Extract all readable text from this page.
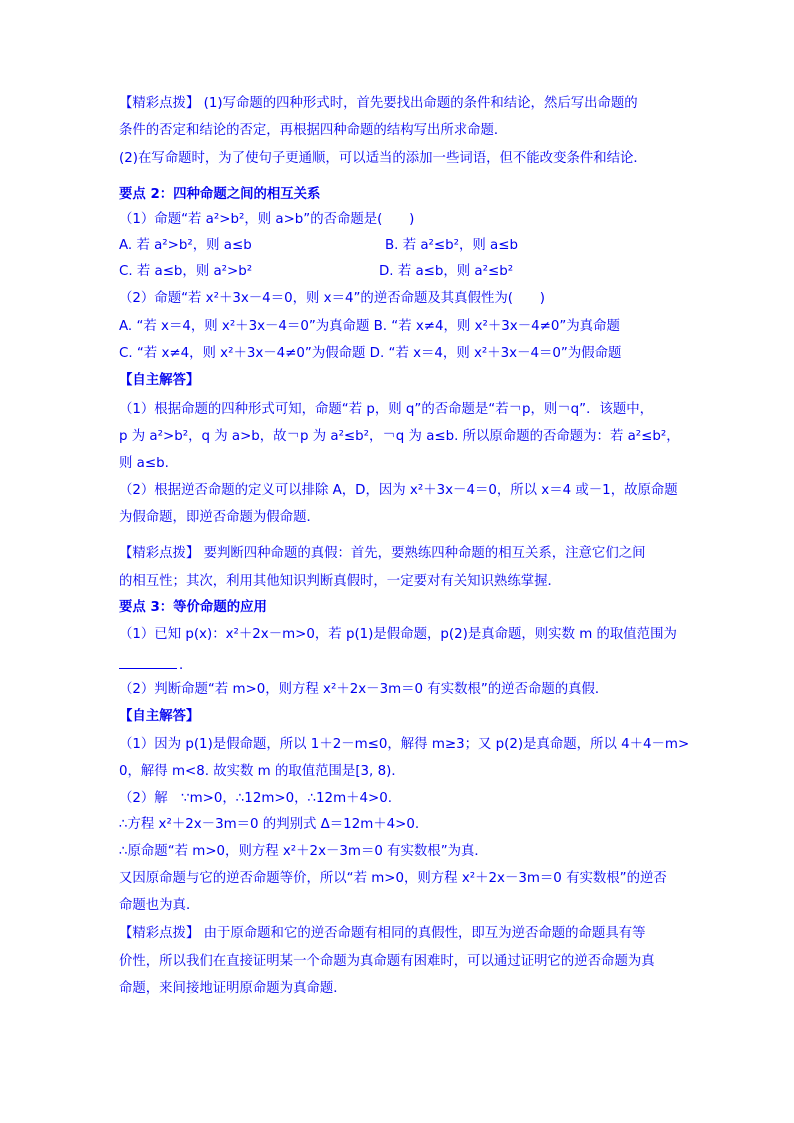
【精彩点拨】 (1)写命题的四种形式时，首先要找出命题的条件和结论，然后写出命题的
条件的否定和结论的否定，再根据四种命题的结构写出所求命题．
(2)在写命题时，为了使句子更通顺，可以适当的添加一些词语，但不能改变条件和结论．
要点 2：四种命题之间的相互关系
（1）命题“若 a²>b²，则 a>b”的否命题是(　　)
A. 若 a²>b²，则 a≤b	B. 若 a²≤b²，则 a≤b
C. 若 a≤b，则 a²>b²	D. 若 a≤b，则 a²≤b²
（2）命题“若 x²＋3x－4＝0，则 x＝4”的逆否命题及其真假性为(　　)
A. “若 x＝4，则 x²＋3x－4＝0”为真命题 B. “若 x≠4，则 x²＋3x－4≠0”为真命题
C. “若 x≠4，则 x²＋3x－4≠0”为假命题 D. “若 x＝4，则 x²＋3x－4＝0”为假命题
【自主解答】
（1）根据命题的四种形式可知，命题“若 p，则 q”的否命题是“若￢p，则￢q”．该题中，
p 为 a²>b²，q 为 a>b，故￢p 为 a²≤b²，￢q 为 a≤b. 所以原命题的否命题为：若 a²≤b²，
则 a≤b.
（2）根据逆否命题的定义可以排除 A，D，因为 x²＋3x－4＝0，所以 x＝4 或－1，故原命题
为假命题，即逆否命题为假命题．
【精彩点拨】 要判断四种命题的真假：首先，要熟练四种命题的相互关系，注意它们之间
的相互性；其次，利用其他知识判断真假时，一定要对有关知识熟练掌握．
要点 3：等价命题的应用
（1）已知 p(x)：x²＋2x－m>0，若 p(1)是假命题，p(2)是真命题，则实数 m 的取值范围为
．
（2）判断命题“若 m>0，则方程 x²＋2x－3m＝0 有实数根”的逆否命题的真假．
【自主解答】
（1）因为 p(1)是假命题，所以 1＋2－m≤0，解得 m≥3；又 p(2)是真命题，所以 4＋4－m>
0，解得 m<8. 故实数 m 的取值范围是[3, 8)．
（2）解　∵m>0，∴12m>0，∴12m＋4>0.
∴方程 x²＋2x－3m＝0 的判别式 Δ＝12m＋4>0.
∴原命题“若 m>0，则方程 x²＋2x－3m＝0 有实数根”为真．
又因原命题与它的逆否命题等价，所以“若 m>0，则方程 x²＋2x－3m＝0 有实数根”的逆否
命题也为真．
【精彩点拨】 由于原命题和它的逆否命题有相同的真假性，即互为逆否命题的命题具有等
价性，所以我们在直接证明某一个命题为真命题有困难时，可以通过证明它的逆否命题为真
命题，来间接地证明原命题为真命题．
